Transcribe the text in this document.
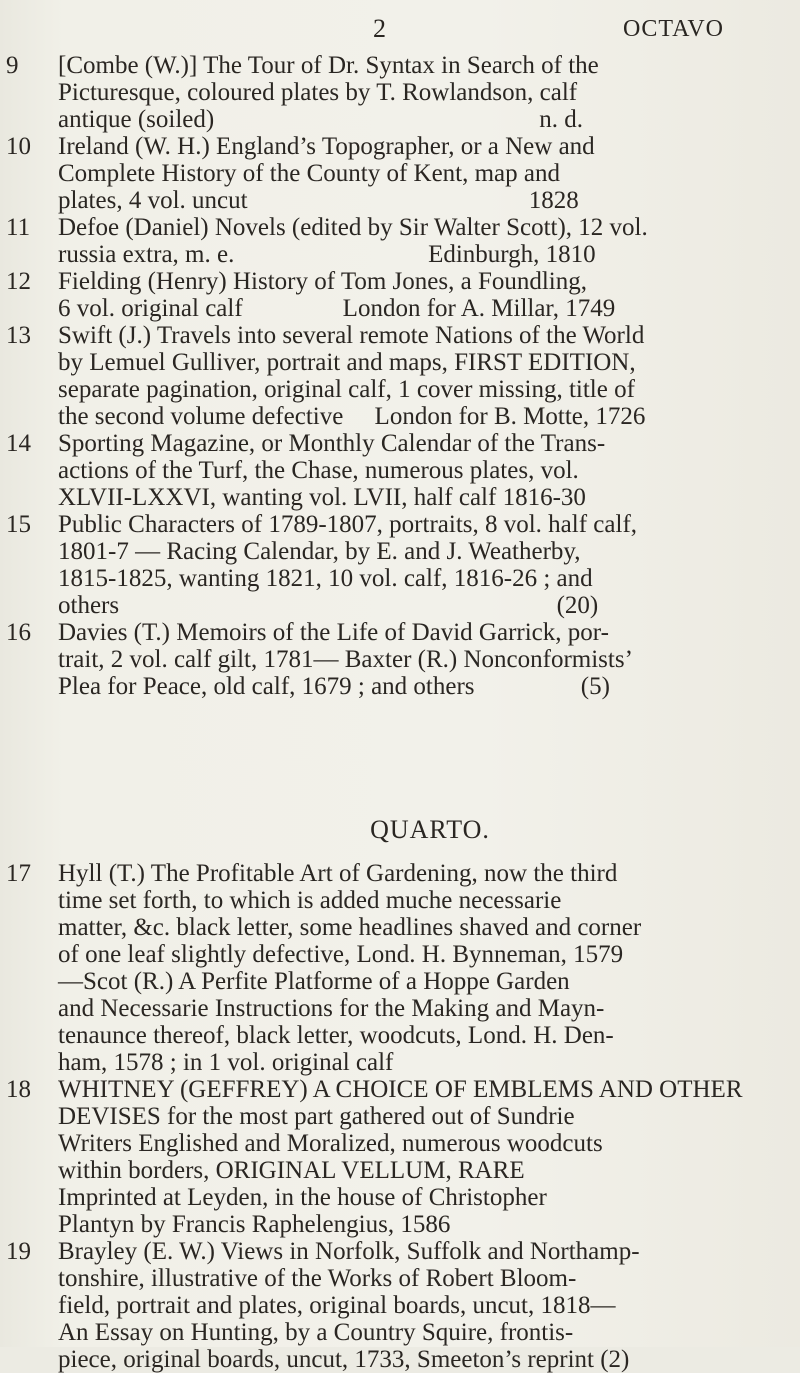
2	OCTAVO
9 [Combe (W.)] The Tour of Dr. Syntax in Search of the
Picturesque, coloured plates by T. Rowlandson, calf
antique (soiled)                                                    n. d.
10 Ireland (W. H.) England’s Topographer, or a New and
Complete History of the County of Kent, map and
plates, 4 vol. uncut                                             1828
11 Defoe (Daniel) Novels (edited by Sir Walter Scott), 12 vol.
russia extra, m. e.                               Edinburgh, 1810
12 Fielding (Henry) History of Tom Jones, a Foundling,
6 vol. original calf                London for A. Millar, 1749
13 Swift (J.) Travels into several remote Nations of the World
by Lemuel Gulliver, portrait and maps, FIRST EDITION,
separate pagination, original calf, 1 cover missing, title of
the second volume defective     London for B. Motte, 1726
14 Sporting Magazine, or Monthly Calendar of the Trans-
actions of the Turf, the Chase, numerous plates, vol.
XLVII-LXXVI, wanting vol. LVII, half calf 1816-30
15 Public Characters of 1789-1807, portraits, 8 vol. half calf,
1801-7 — Racing Calendar, by E. and J. Weatherby,
1815-1825, wanting 1821, 10 vol. calf, 1816-26 ; and
others                                                                      (20)
16 Davies (T.) Memoirs of the Life of David Garrick, por-
trait, 2 vol. calf gilt, 1781— Baxter (R.) Nonconformists’
Plea for Peace, old calf, 1679 ; and others                 (5)
QUARTO.
17 Hyll (T.) The Profitable Art of Gardening, now the third
time set forth, to which is added muche necessarie
matter, &c. black letter, some headlines shaved and corner
of one leaf slightly defective, Lond. H. Bynneman, 1579
—Scot (R.) A Perfite Platforme of a Hoppe Garden
and Necessarie Instructions for the Making and Mayn-
tenaunce thereof, black letter, woodcuts, Lond. H. Den-
ham, 1578 ; in 1 vol. original calf
18 WHITNEY (GEFFREY) A CHOICE OF EMBLEMS AND OTHER
DEVISES for the most part gathered out of Sundrie
Writers Englished and Moralized, numerous woodcuts
within borders, ORIGINAL VELLUM, RARE
Imprinted at Leyden, in the house of Christopher
Plantyn by Francis Raphelengius, 1586
19 Brayley (E. W.) Views in Norfolk, Suffolk and Northamp-
tonshire, illustrative of the Works of Robert Bloom-
field, portrait and plates, original boards, uncut, 1818—
An Essay on Hunting, by a Country Squire, frontis-
piece, original boards, uncut, 1733, Smeeton’s reprint (2)
